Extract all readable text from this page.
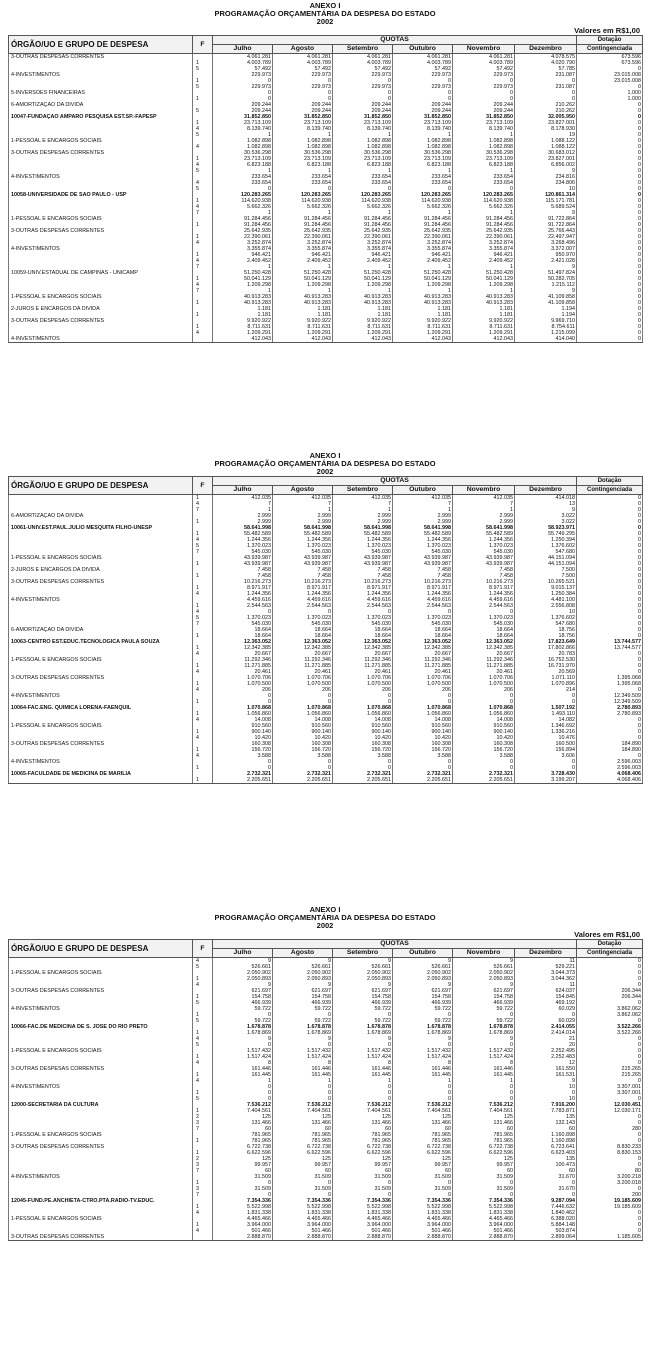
ANEXO I
PROGRAMAÇÃO ORÇAMENTÁRIA DA DESPESA DO ESTADO
2002
Valores em R$1,00
ÓRGÃO/UO E GRUPO DE DESPESA	F	QUOTAS						Dotação
		Julho	Agosto	Setembro	Outubro	Novembro	Dezembro	Contingenciada
3-OUTRAS DESPESAS CORRENTES		4.061.281	4.061.281	4.061.281	4.061.281	4.061.281	4.078.575	673.596
	1	4.003.789	4.003.789	4.003.789	4.003.789	4.003.789	4.020.790	673.596
	5	57.492	57.492	57.492	57.492	57.492	57.785	0
4-INVESTIMENTOS		229.973	229.973	229.973	229.973	229.973	231.087	23.015.008
	1	0	0	0	0	0	0	23.015.008
	5	229.973	229.973	229.973	229.973	229.973	231.087	0
5-INVERSÕES FINANCEIRAS		0	0	0	0	0	0	1.000
	1	0	0	0	0	0	0	1.000
6-AMORTIZAÇÃO DA DÍVIDA		209.244	209.244	209.244	209.244	209.244	210.262	0
	5	209.244	209.244	209.244	209.244	209.244	210.262	0
10047-FUNDAÇÃO AMPARO PESQUISA EST.SP.-FAPESP		31.852.850	31.852.850	31.852.850	31.852.850	31.852.850	32.005.950	0
	1	23.713.109	23.713.109	23.713.109	23.713.109	23.713.109	23.827.001	0
	4	8.139.740	8.139.740	8.139.740	8.139.740	8.139.740	8.178.930	0
	5	1	1	1	1	1	19	0
1-PESSOAL E ENCARGOS SOCIAIS		1.082.898	1.082.898	1.082.898	1.082.898	1.082.898	1.088.122	0
	4	1.082.898	1.082.898	1.082.898	1.082.898	1.082.898	1.088.122	0
3-OUTRAS DESPESAS CORRENTES		30.536.298	30.536.298	30.536.298	30.536.298	30.536.298	30.683.012	0
	1	23.713.109	23.713.109	23.713.109	23.713.109	23.713.109	23.827.001	0
	4	6.823.188	6.823.188	6.823.188	6.823.188	6.823.188	6.856.002	0
	5	1	1	1	1	1	9	0
4-INVESTIMENTOS		233.654	233.654	233.654	233.654	233.654	234.816	0
	4	233.654	233.654	233.654	233.654	233.654	234.806	0
	5	0	0	0	0	0	10	0
10058-UNIVERSIDADE DE SÃO PAULO - USP		120.283.265	120.283.265	120.283.265	120.283.265	120.283.265	120.861.314	0
	1	114.620.938	114.620.938	114.620.938	114.620.938	114.620.938	115.171.781	0
	4	5.662.326	5.662.326	5.662.326	5.662.326	5.662.326	5.689.524	0
	7	1	1	1	1	1	9	0
1-PESSOAL E ENCARGOS SOCIAIS		91.284.456	91.284.456	91.284.456	91.284.456	91.284.456	91.722.864	0
	1	91.284.456	91.284.456	91.284.456	91.284.456	91.284.456	91.722.864	0
3-OUTRAS DESPESAS CORRENTES		25.642.935	25.642.935	25.642.935	25.642.935	25.642.935	25.766.443	0
	1	22.390.061	22.390.061	22.390.061	22.390.061	22.390.061	22.497.947	0
	4	3.252.874	3.252.874	3.252.874	3.252.874	3.252.874	3.268.496	0
4-INVESTIMENTOS		3.355.874	3.355.874	3.355.874	3.355.874	3.355.874	3.372.007	0
	1	946.421	946.421	946.421	946.421	946.421	950.970	0
	4	2.409.452	2.409.452	2.409.452	2.409.452	2.409.452	2.421.028	0
	7	1	1	1	1	1	9	0
10059-UNIV.ESTADUAL DE CAMPINAS - UNICAMP		51.250.428	51.250.428	51.250.428	51.250.428	51.250.428	51.497.824	0
	1	50.041.129	50.041.129	50.041.129	50.041.129	50.041.129	50.282.705	0
	4	1.209.298	1.209.298	1.209.298	1.209.298	1.209.298	1.215.112	0
	7	1	1	1	1	1	9	0
1-PESSOAL E ENCARGOS SOCIAIS		40.913.283	40.913.283	40.913.283	40.913.283	40.913.283	41.109.858	0
	1	40.913.283	40.913.283	40.913.283	40.913.283	40.913.283	41.109.858	0
2-JUROS E ENCARGOS DA DÍVIDA		1.181	1.181	1.181	1.181	1.181	1.194	0
	1	1.181	1.181	1.181	1.181	1.181	1.194	0
3-OUTRAS DESPESAS CORRENTES		9.920.922	9.920.922	9.920.922	9.920.922	9.920.922	9.969.710	0
	1	8.711.631	8.711.631	8.711.631	8.711.631	8.711.631	8.754.611	0
	4	1.209.291	1.209.291	1.209.291	1.209.291	1.209.291	1.215.099	0
4-INVESTIMENTOS		412.043	412.043	412.043	412.043	412.043	414.040	0
ANEXO I
PROGRAMAÇÃO ORÇAMENTÁRIA DA DESPESA DO ESTADO
2002
ÓRGÃO/UO E GRUPO DE DESPESA	F	QUOTAS						Dotação
		Julho	Agosto	Setembro	Outubro	Novembro	Dezembro	Contingenciada
	1	412.035	412.035	412.035	412.035	412.035	414.018	0
	4	7	7	7	7	7	13	0
	7	1	1	1	1	1	9	0
6-AMORTIZAÇÃO DA DÍVIDA		2.999	2.999	2.999	2.999	2.999	3.022	0
	1	2.999	2.999	2.999	2.999	2.999	3.022	0
10061-UNIV.EST.PAUL.JÚLIO MESQUITA FILHO-UNESP		58.641.998	58.641.998	58.641.998	58.641.998	58.641.998	58.923.971	0
	1	55.482.589	55.482.589	55.482.589	55.482.589	55.482.589	55.749.295	0
	4	1.244.356	1.244.356	1.244.356	1.244.356	1.244.356	1.250.394	0
	5	1.370.023	1.370.023	1.370.023	1.370.023	1.370.023	1.376.602	0
	7	545.030	545.030	545.030	545.030	545.030	547.680	0
1-PESSOAL E ENCARGOS SOCIAIS		43.939.987	43.939.987	43.939.987	43.939.987	43.939.987	44.151.094	0
	1	43.939.987	43.939.987	43.939.987	43.939.987	43.939.987	44.151.094	0
2-JUROS E ENCARGOS DA DÍVIDA		7.458	7.458	7.458	7.458	7.458	7.500	0
	1	7.458	7.458	7.458	7.458	7.458	7.500	0
3-OUTRAS DESPESAS CORRENTES		10.216.273	10.216.273	10.216.273	10.216.273	10.216.273	10.265.521	0
	1	8.971.917	8.971.917	8.971.917	8.971.917	8.971.917	9.015.137	0
	4	1.244.356	1.244.356	1.244.356	1.244.356	1.244.356	1.250.384	0
4-INVESTIMENTOS		4.459.616	4.459.616	4.459.616	4.459.616	4.459.616	4.481.100	0
	1	2.544.563	2.544.563	2.544.563	2.544.563	2.544.563	2.556.808	0
	4	0	0	0	0	0	10	0
	5	1.370.023	1.370.023	1.370.023	1.370.023	1.370.023	1.376.602	0
	7	545.030	545.030	545.030	545.030	545.030	547.680	0
6-AMORTIZAÇÃO DA DÍVIDA		18.664	18.664	18.664	18.664	18.664	18.756	0
	1	18.664	18.664	18.664	18.664	18.664	18.756	0
10063-CENTRO EST.EDUC.TECNOLÓGICA PAULA SOUZA		12.363.052	12.363.052	12.363.052	12.363.052	12.363.052	17.823.649	13.744.577
	1	12.342.385	12.342.385	12.342.385	12.342.385	12.342.385	17.802.866	13.744.577
	4	20.667	20.667	20.667	20.667	20.667	20.783	0
1-PESSOAL E ENCARGOS SOCIAIS		11.292.346	11.292.346	11.292.346	11.292.346	11.292.346	16.752.530	0
	1	11.271.885	11.271.885	11.271.885	11.271.885	11.271.885	16.731.970	0
	4	20.461	20.461	20.461	20.461	20.461	20.569	0
3-OUTRAS DESPESAS CORRENTES		1.070.706	1.070.706	1.070.706	1.070.706	1.070.706	1.071.110	1.395.068
	1	1.070.500	1.070.500	1.070.500	1.070.500	1.070.500	1.070.896	1.395.068
	4	206	206	206	206	206	214	0
4-INVESTIMENTOS		0	0	0	0	0	0	12.349.509
	1	0	0	0	0	0	0	12.349.509
10064-FAC.ENG. QUÍMICA LORENA-FAENQUIL		1.070.868	1.070.868	1.070.868	1.070.868	1.070.868	1.507.192	2.780.893
	1	1.056.860	1.056.860	1.056.860	1.056.860	1.056.860	1.493.110	2.780.893
	4	14.008	14.008	14.008	14.008	14.008	14.082	0
1-PESSOAL E ENCARGOS SOCIAIS		910.560	910.560	910.560	910.560	910.560	1.346.692	0
	1	900.140	900.140	900.140	900.140	900.140	1.336.216	0
	4	10.420	10.420	10.420	10.420	10.420	10.476	0
3-OUTRAS DESPESAS CORRENTES		160.308	160.308	160.308	160.308	160.308	160.500	184.890
	1	156.720	156.720	156.720	156.720	156.720	156.894	184.890
	4	3.588	3.588	3.588	3.588	3.588	3.606	0
4-INVESTIMENTOS		0	0	0	0	0	0	2.596.003
	1	0	0	0	0	0	0	2.596.003
10065-FACULDADE DE MEDICINA DE MARÍLIA		2.732.321	2.732.321	2.732.321	2.732.321	2.732.321	3.728.430	4.068.406
	1	2.205.651	2.205.651	2.205.651	2.205.651	2.205.651	3.199.207	4.068.406
ANEXO I
PROGRAMAÇÃO ORÇAMENTÁRIA DA DESPESA DO ESTADO
2002
Valores em R$1,00
ÓRGÃO/UO E GRUPO DE DESPESA	F	QUOTAS						Dotação
		Julho	Agosto	Setembro	Outubro	Novembro	Dezembro	Contingenciada
	4	9	9	9	9	9	11	0
	5	526.661	526.661	526.661	526.661	526.661	529.221	0
1-PESSOAL E ENCARGOS SOCIAIS		2.050.902	2.050.902	2.050.902	2.050.902	2.050.902	3.044.373	0
	1	2.050.893	2.050.893	2.050.893	2.050.893	2.050.893	3.044.362	0
	4	9	9	9	9	9	11	0
3-OUTRAS DESPESAS CORRENTES		621.697	621.697	621.697	621.697	621.697	624.037	206.344
	1	154.758	154.758	154.758	154.758	154.758	154.845	206.344
	5	466.939	466.939	466.939	466.939	466.939	469.192	0
4-INVESTIMENTOS		59.722	59.722	59.722	59.722	59.722	60.029	3.862.062
	1	0	0	0	0	0	0	3.862.062
	5	59.722	59.722	59.722	59.722	59.722	60.029	0
10066-FAC.DE MEDICINA DE S. JOSÉ DO RIO PRETO		1.678.878	1.678.878	1.678.878	1.678.878	1.678.878	2.414.055	3.522.266
	1	1.678.869	1.678.869	1.678.869	1.678.869	1.678.869	2.414.014	3.522.266
	4	9	9	9	9	9	21	0
	5	0	0	0	0	0	20	0
1-PESSOAL E ENCARGOS SOCIAIS		1.517.432	1.517.432	1.517.432	1.517.432	1.517.432	2.252.495	0
	1	1.517.424	1.517.424	1.517.424	1.517.424	1.517.424	2.252.483	0
	4	8	8	8	8	8	12	0
3-OUTRAS DESPESAS CORRENTES		161.446	161.446	161.446	161.446	161.446	161.550	215.265
	1	161.445	161.445	161.445	161.445	161.445	161.531	215.265
	4	1	1	1	1	1	9	0
4-INVESTIMENTOS		0	0	0	0	0	10	3.307.001
	1	0	0	0	0	0	0	3.307.001
	5	0	0	0	0	0	10	0
12000-SECRETARIA DA CULTURA		7.536.212	7.536.212	7.536.212	7.536.212	7.536.212	7.916.200	12.030.451
	1	7.404.561	7.404.561	7.404.561	7.404.561	7.404.561	7.783.871	12.030.171
	2	125	125	125	125	125	135	0
	3	131.466	131.466	131.466	131.466	131.466	132.143	0
	7	60	60	60	60	60	60	280
1-PESSOAL E ENCARGOS SOCIAIS		781.965	781.965	781.965	781.965	781.965	1.160.898	0
	1	781.965	781.965	781.965	781.965	781.965	1.160.898	0
3-OUTRAS DESPESAS CORRENTES		6.722.738	6.722.738	6.722.738	6.722.738	6.722.738	6.723.641	8.830.233
	1	6.622.596	6.622.596	6.622.596	6.622.596	6.622.596	6.623.403	8.830.153
	2	125	125	125	125	125	135	0
	3	99.957	99.957	99.957	99.957	99.957	100.473	0
	7	60	60	60	60	60	60	80
4-INVESTIMENTOS		31.509	31.509	31.509	31.509	31.509	31.670	3.200.218
	1	0	0	0	0	0	0	3.200.018
	3	31.509	31.509	31.509	31.509	31.509	31.670	0
	7	0	0	0	0	0	0	200
12045-FUND.PE.ANCHIETA-CTRO.PTA.RÁDIO-TV.EDUC.		7.354.336	7.354.336	7.354.336	7.354.336	7.354.336	9.287.094	19.185.609
	1	5.522.998	5.522.998	5.522.998	5.522.998	5.522.998	7.446.632	19.185.609
	4	1.831.338	1.831.338	1.831.338	1.831.338	1.831.338	1.840.462	0
1-PESSOAL E ENCARGOS SOCIAIS		4.465.466	4.465.466	4.465.466	4.465.466	4.465.466	6.388.020	0
	1	3.964.000	3.964.000	3.964.000	3.964.000	3.964.000	5.884.148	0
	4	501.466	501.466	501.466	501.466	501.466	503.874	0
3-OUTRAS DESPESAS CORRENTES		2.888.870	2.888.870	2.888.870	2.888.870	2.888.870	2.899.064	1.185.605
